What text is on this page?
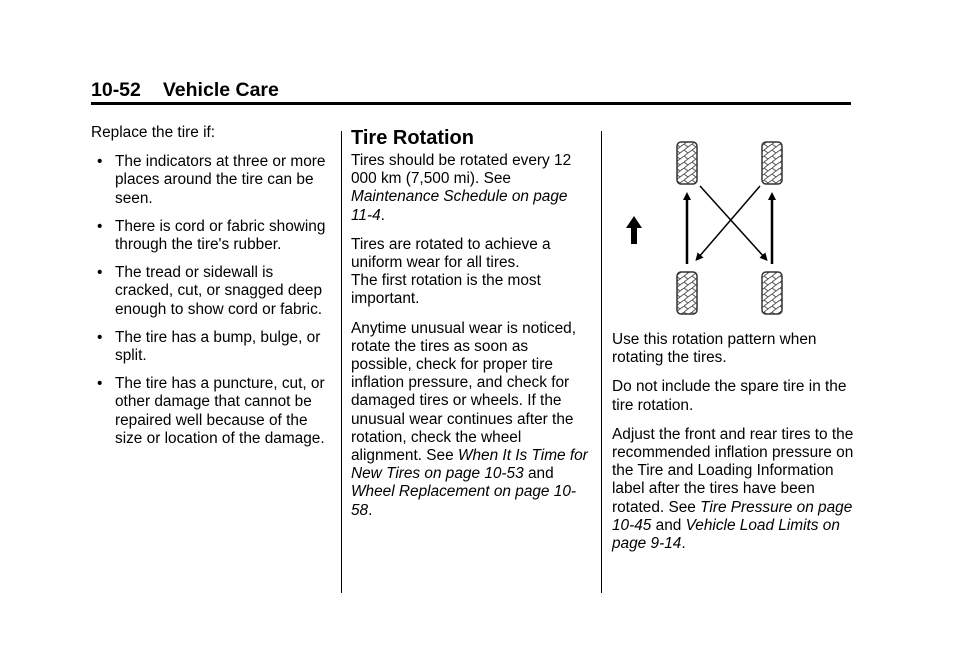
10-52 Vehicle Care

Replace the tire if:

• The indicators at three or more places around the tire can be seen.
• There is cord or fabric showing through the tire's rubber.
• The tread or sidewall is cracked, cut, or snagged deep enough to show cord or fabric.
• The tire has a bump, bulge, or split.
• The tire has a puncture, cut, or other damage that cannot be repaired well because of the size or location of the damage.
Tire Rotation

Tires should be rotated every 12 000 km (7,500 mi). See Maintenance Schedule on page 11-4.

Tires are rotated to achieve a uniform wear for all tires.

The first rotation is the most important.

Anytime unusual wear is noticed, rotate the tires as soon as possible, check for proper tire inflation pressure, and check for damaged tires or wheels. If the unusual wear continues after the rotation, check the wheel alignment. See When It Is Time for New Tires on page 10-53 and Wheel Replacement on page 10-58.

Use this rotation pattern when rotating the tires.

Do not include the spare tire in the tire rotation.

Adjust the front and rear tires to the recommended inflation pressure on the Tire and Loading Information label after the tires have been rotated. See Tire Pressure on page 10-45 and Vehicle Load Limits on page 9-14.
